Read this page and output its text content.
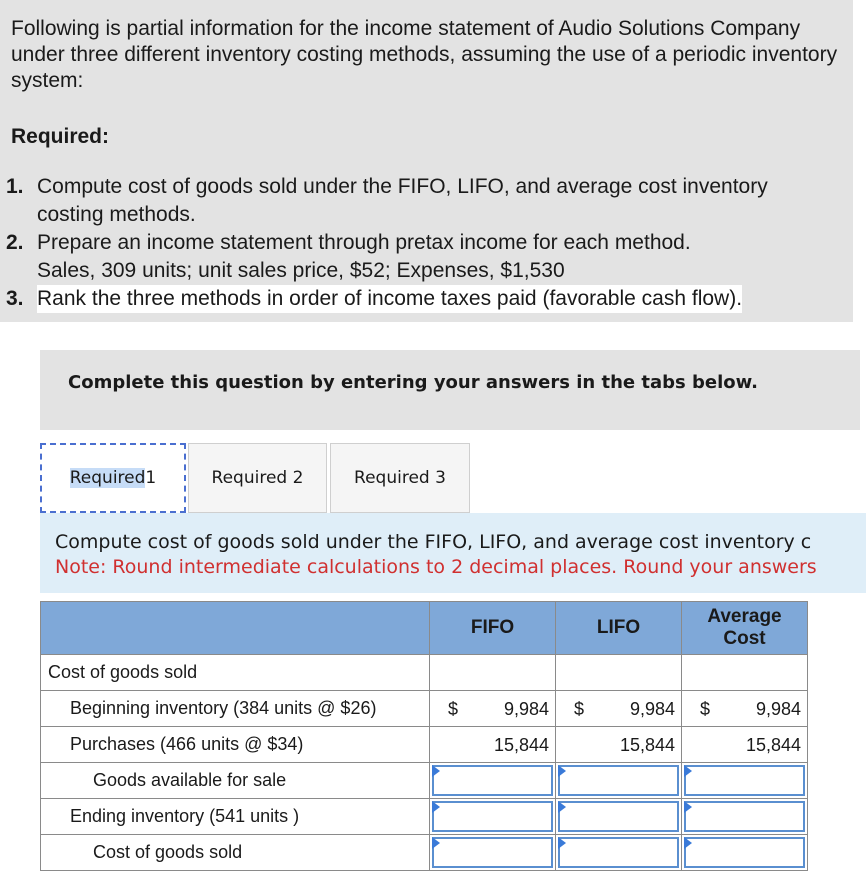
Following is partial information for the income statement of Audio Solutions Company under three different inventory costing methods, assuming the use of a periodic inventory system:
Required:
1. Compute cost of goods sold under the FIFO, LIFO, and average cost inventory costing methods.
2. Prepare an income statement through pretax income for each method.
Sales, 309 units; unit sales price, $52; Expenses, $1,530
3. Rank the three methods in order of income taxes paid (favorable cash flow).
Complete this question by entering your answers in the tabs below.
Required 1	Required 2	Required 3
Compute cost of goods sold under the FIFO, LIFO, and average cost inventory c
Note: Round intermediate calculations to 2 decimal places. Round your answers
	FIFO	LIFO	Average
Cost
Cost of goods sold			
Beginning inventory (384 units @ $26)	$ 9,984	$ 9,984	$ 9,984

Purchases (466 units @ $34)	15,844	15,844	15,844

Goods available for sale	

Ending inventory (541 units )	

Cost of goods sold	
